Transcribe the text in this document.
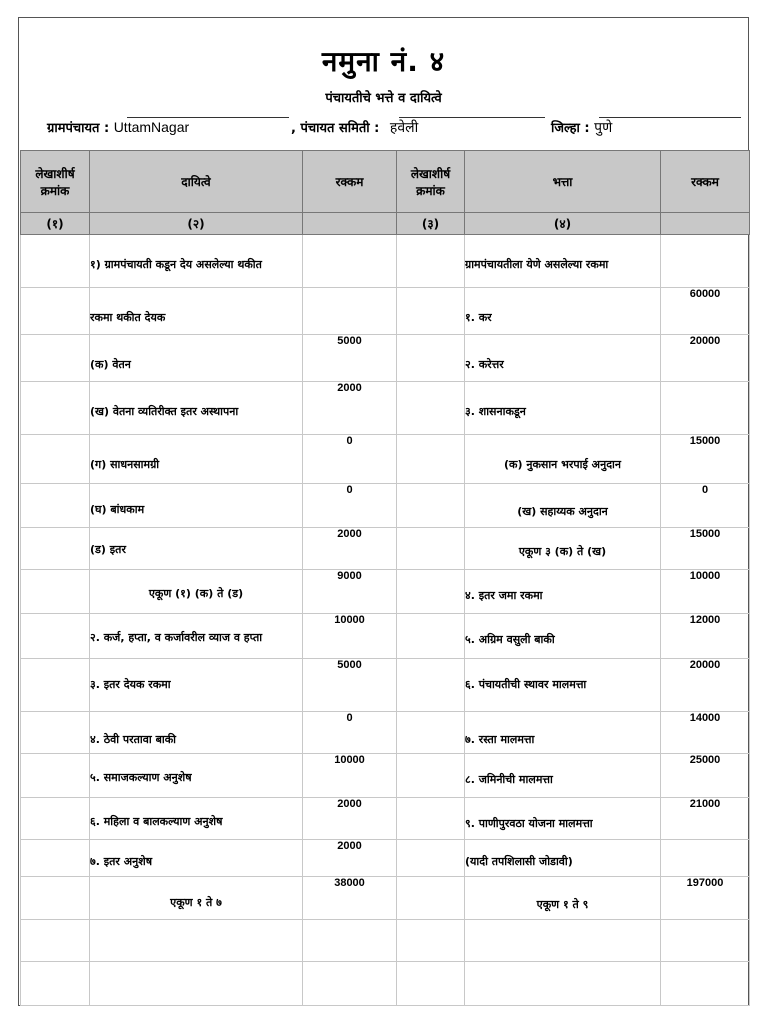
नमुना नं. ४
पंचायतीचे भत्ते व दायित्वे
ग्रामपंचायत : UttamNagar	, पंचायत समिती : हवेली	जिल्हा : पुणे
लेखाशीर्ष क्रमांक	दायित्वे	रक्कम	लेखाशीर्ष क्रमांक	भत्ता	रक्कम
(१)	(२)		(३)	(४)	
	१) ग्रामपंचायती कडून देय असलेल्या थकीत			ग्रामपंचायतीला येणे असलेल्या रकमा	
	रकमा थकीत देयक			१. कर	60000
	(क) वेतन	5000		२. करेत्तर	20000
	(ख) वेतना व्यतिरीक्त इतर अस्थापना	2000		३. शासनाकडून	
	(ग) साधनसामग्री	0		(क) नुकसान भरपाई अनुदान	15000
	(घ) बांधकाम	0		(ख) सहाय्यक अनुदान	0
	(ड) इतर	2000		एकूण ३ (क) ते (ख)	15000
	एकूण (१) (क) ते (ड)	9000		४. इतर जमा रकमा	10000
	२. कर्ज, हप्ता, व कर्जावरील व्याज व हप्ता	10000		५. अग्रिम वसुली बाकी	12000
	३. इतर देयक रकमा	5000		६. पंचायतीची स्थावर मालमत्ता	20000
	४. ठेवी परतावा बाकी	0		७. रस्ता मालमत्ता	14000
	५. समाजकल्याण अनुशेष	10000		८. जमिनीची मालमत्ता	25000
	६. महिला व बालकल्याण अनुशेष	2000		९. पाणीपुरवठा योजना मालमत्ता	21000
	७. इतर अनुशेष	2000		(यादी तपशिलासी जोडावी)	
	एकूण १ ते ७	38000		एकूण १ ते ९	197000
